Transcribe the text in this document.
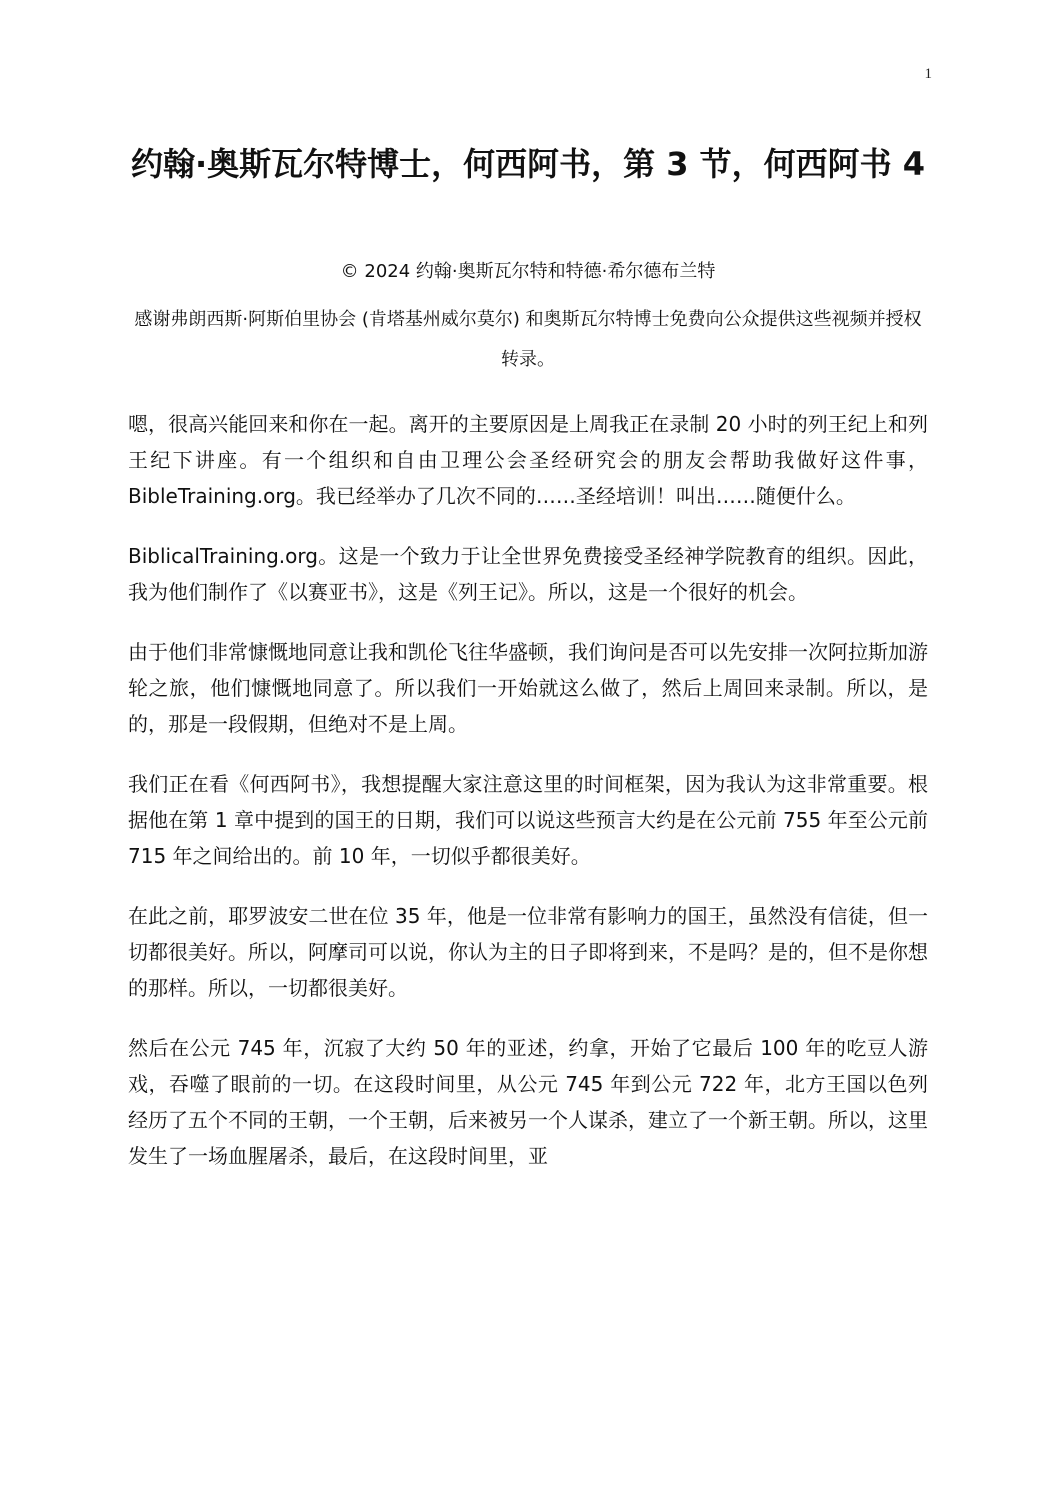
1
约翰·奥斯瓦尔特博士，何西阿书，第 3 节，何西阿书 4

© 2024 约翰·奥斯瓦尔特和特德·希尔德布兰特

感谢弗朗西斯·阿斯伯里协会 (肯塔基州威尔莫尔) 和奥斯瓦尔特博士免费向公众提供这些视频并授权转录。

嗯，很高兴能回来和你在一起。离开的主要原因是上周我正在录制 20 小时的列王纪上和列王纪下讲座。有一个组织和自由卫理公会圣经研究会的朋友会帮助我做好这件事，BibleTraining.org。我已经举办了几次不同的……圣经培训！叫出……随便什么。

BiblicalTraining.org。这是一个致力于让全世界免费接受圣经神学院教育的组织。因此，我为他们制作了《以赛亚书》，这是《列王记》。所以，这是一个很好的机会。

由于他们非常慷慨地同意让我和凯伦飞往华盛顿，我们询问是否可以先安排一次阿拉斯加游轮之旅，他们慷慨地同意了。所以我们一开始就这么做了，然后上周回来录制。所以，是的，那是一段假期，但绝对不是上周。

我们正在看《何西阿书》，我想提醒大家注意这里的时间框架，因为我认为这非常重要。根据他在第 1 章中提到的国王的日期，我们可以说这些预言大约是在公元前 755 年至公元前 715 年之间给出的。前 10 年，一切似乎都很美好。

在此之前，耶罗波安二世在位 35 年，他是一位非常有影响力的国王，虽然没有信徒，但一切都很美好。所以，阿摩司可以说，你认为主的日子即将到来，不是吗？是的，但不是你想的那样。所以，一切都很美好。

然后在公元 745 年，沉寂了大约 50 年的亚述，约拿，开始了它最后 100 年的吃豆人游戏，吞噬了眼前的一切。在这段时间里，从公元 745 年到公元 722 年，北方王国以色列经历了五个不同的王朝，一个王朝，后来被另一个人谋杀，建立了一个新王朝。所以，这里发生了一场血腥屠杀，最后，在这段时间里，亚
